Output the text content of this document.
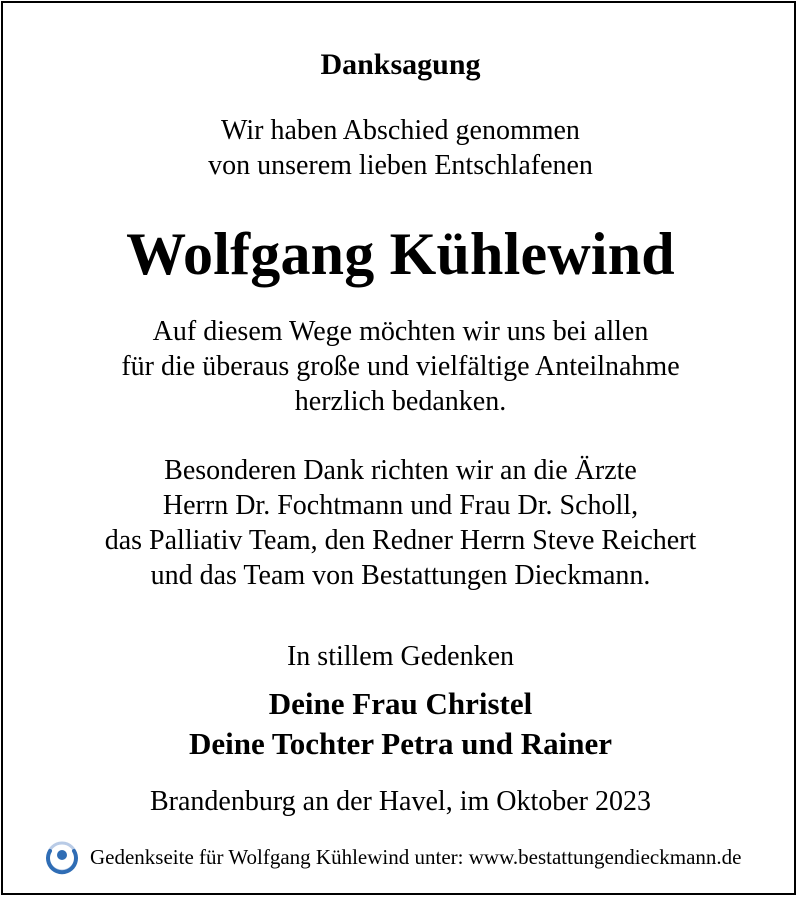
Danksagung
Wir haben Abschied genommen
von unserem lieben Entschlafenen
Wolfgang Kühlewind
Auf diesem Wege möchten wir uns bei allen
für die überaus große und vielfältige Anteilnahme
herzlich bedanken.
Besonderen Dank richten wir an die Ärzte
Herrn Dr. Fochtmann und Frau Dr. Scholl,
das Palliativ Team, den Redner Herrn Steve Reichert
und das Team von Bestattungen Dieckmann.
In stillem Gedenken
Deine Frau Christel
Deine Tochter Petra und Rainer
Brandenburg an der Havel, im Oktober 2023
Gedenkseite für Wolfgang Kühlewind unter: www.bestattungendieckmann.de
